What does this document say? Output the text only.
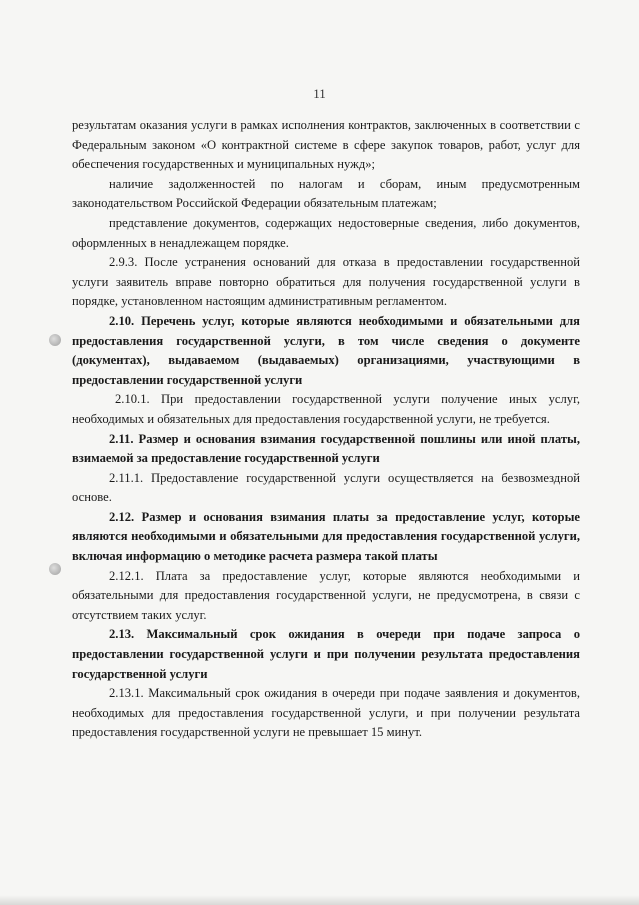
11

результатам оказания услуги в рамках исполнения контрактов, заключенных в соответствии с Федеральным законом «О контрактной системе в сфере закупок товаров, работ, услуг для обеспечения государственных и муниципальных нужд»;

наличие задолженностей по налогам и сборам, иным предусмотренным законодательством Российской Федерации обязательным платежам;

представление документов, содержащих недостоверные сведения, либо документов, оформленных в ненадлежащем порядке.

2.9.3. После устранения оснований для отказа в предоставлении государственной услуги заявитель вправе повторно обратиться для получения государственной услуги в порядке, установленном настоящим административным регламентом.

2.10. Перечень услуг, которые являются необходимыми и обязательными для предоставления государственной услуги, в том числе сведения о документе (документах), выдаваемом (выдаваемых) организациями, участвующими в предоставлении государственной услуги

2.10.1. При предоставлении государственной услуги получение иных услуг, необходимых и обязательных для предоставления государственной услуги, не требуется.

2.11. Размер и основания взимания государственной пошлины или иной платы, взимаемой за предоставление государственной услуги

2.11.1. Предоставление государственной услуги осуществляется на безвозмездной основе.

2.12. Размер и основания взимания платы за предоставление услуг, которые являются необходимыми и обязательными для предоставления государственной услуги, включая информацию о методике расчета размера такой платы

2.12.1. Плата за предоставление услуг, которые являются необходимыми и обязательными для предоставления государственной услуги, не предусмотрена, в связи с отсутствием таких услуг.

2.13. Максимальный срок ожидания в очереди при подаче запроса о предоставлении государственной услуги и при получении результата предоставления государственной услуги

2.13.1. Максимальный срок ожидания в очереди при подаче заявления и документов, необходимых для предоставления государственной услуги, и при получении результата предоставления государственной услуги не превышает 15 минут.
